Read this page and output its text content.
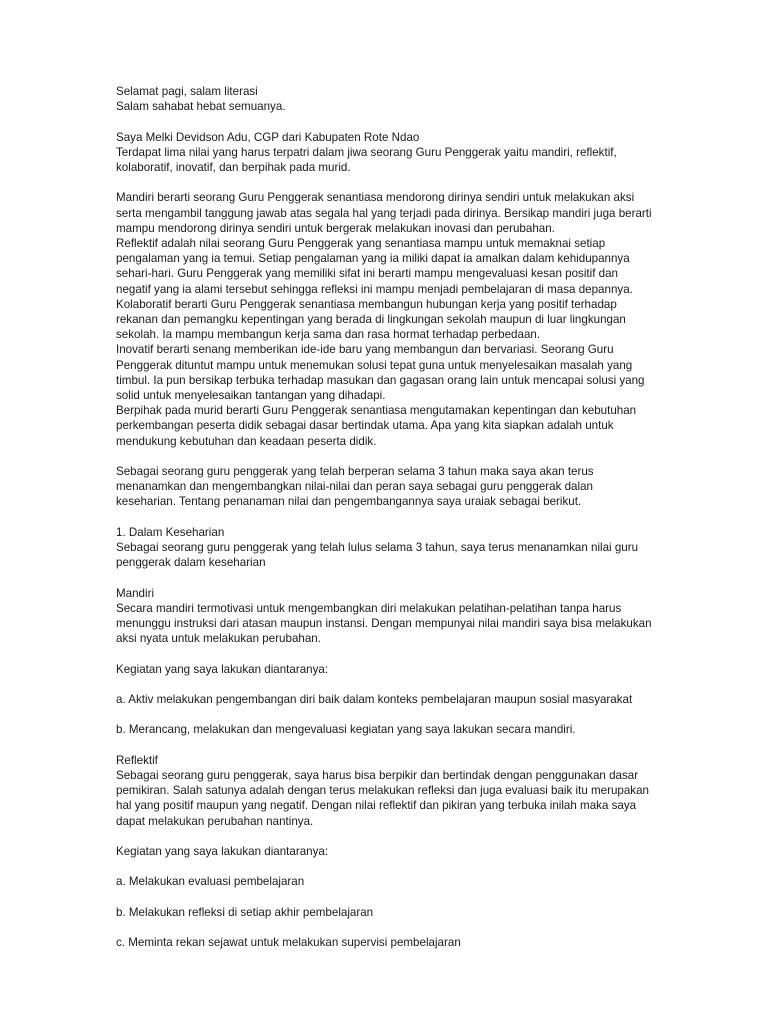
Selamat pagi, salam literasi

Salam sahabat hebat semuanya.

Saya Melki Devidson Adu, CGP dari Kabupaten Rote Ndao

Terdapat lima nilai yang harus terpatri dalam jiwa seorang Guru Penggerak yaitu mandiri, reflektif, kolaboratif, inovatif, dan berpihak pada murid.

Mandiri berarti seorang Guru Penggerak senantiasa mendorong dirinya sendiri untuk melakukan aksi serta mengambil tanggung jawab atas segala hal yang terjadi pada dirinya. Bersikap mandiri juga berarti mampu mendorong dirinya sendiri untuk bergerak melakukan inovasi dan perubahan.

Reflektif adalah nilai seorang Guru Penggerak yang senantiasa mampu untuk memaknai setiap pengalaman yang ia temui. Setiap pengalaman yang ia miliki dapat ia amalkan dalam kehidupannya sehari-hari. Guru Penggerak yang memiliki sifat ini berarti mampu mengevaluasi kesan positif dan negatif yang ia alami tersebut sehingga refleksi ini mampu menjadi pembelajaran di masa depannya.

Kolaboratif berarti Guru Penggerak senantiasa membangun hubungan kerja yang positif terhadap rekanan dan pemangku kepentingan yang berada di lingkungan sekolah maupun di luar lingkungan sekolah. Ia mampu membangun kerja sama dan rasa hormat terhadap perbedaan.

Inovatif berarti senang memberikan ide-ide baru yang membangun dan bervariasi. Seorang Guru Penggerak dituntut mampu untuk menemukan solusi tepat guna untuk menyelesaikan masalah yang timbul. Ia pun bersikap terbuka terhadap masukan dan gagasan orang lain untuk mencapai solusi yang solid untuk menyelesaikan tantangan yang dihadapi.

Berpihak pada murid berarti Guru Penggerak senantiasa mengutamakan kepentingan dan kebutuhan perkembangan peserta didik sebagai dasar bertindak utama. Apa yang kita siapkan adalah untuk mendukung kebutuhan dan keadaan peserta didik.

Sebagai seorang guru penggerak yang telah berperan selama 3 tahun maka saya akan terus menanamkan dan mengembangkan nilai-nilai dan peran saya sebagai guru penggerak dalan keseharian. Tentang penanaman nilai dan pengembangannya saya uraiak sebagai berikut.

1. Dalam Keseharian

Sebagai seorang guru penggerak yang telah lulus selama 3 tahun, saya terus menanamkan nilai guru penggerak dalam keseharian

Mandiri

Secara mandiri termotivasi untuk mengembangkan diri melakukan pelatihan-pelatihan tanpa harus menunggu instruksi dari atasan maupun instansi. Dengan mempunyai nilai mandiri saya bisa melakukan aksi nyata untuk melakukan perubahan.

Kegiatan yang saya lakukan diantaranya:

a. Aktiv melakukan pengembangan diri baik dalam konteks pembelajaran maupun sosial masyarakat

b. Merancang, melakukan dan mengevaluasi kegiatan yang saya lakukan secara mandiri.

Reflektif

Sebagai seorang guru penggerak, saya harus bisa berpikir dan bertindak dengan penggunakan dasar pemikiran. Salah satunya adalah dengan terus melakukan refleksi dan juga evaluasi baik itu merupakan hal yang positif maupun yang negatif. Dengan nilai reflektif dan pikiran yang terbuka inilah maka saya dapat melakukan perubahan nantinya.

Kegiatan yang saya lakukan diantaranya:

a. Melakukan evaluasi pembelajaran

b. Melakukan refleksi di setiap akhir pembelajaran

c. Meminta rekan sejawat untuk melakukan supervisi pembelajaran
